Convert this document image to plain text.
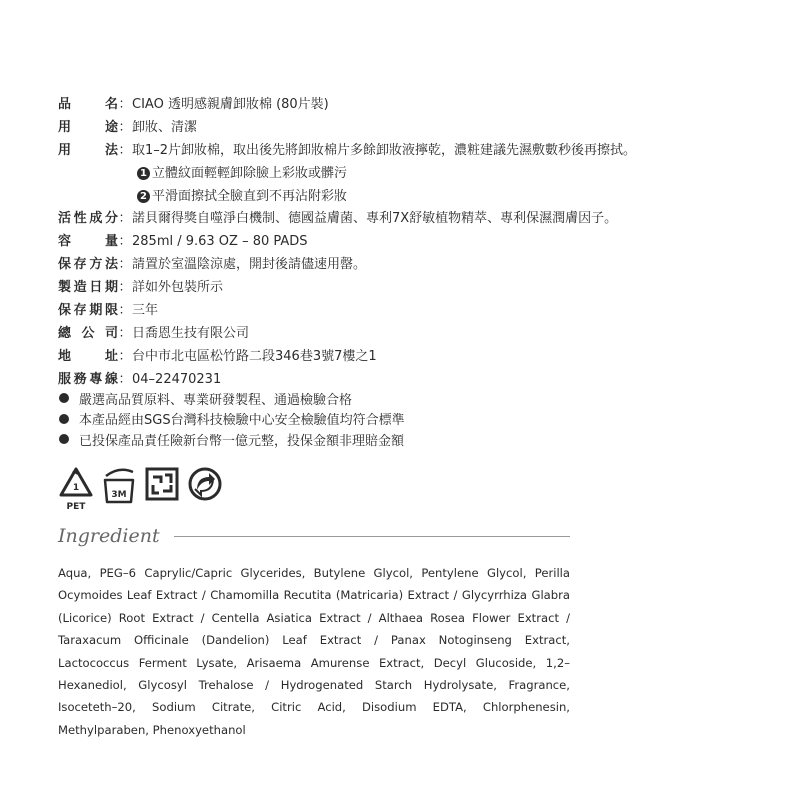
品	名 ： CIAO 透明感親膚卸妝棉 (80片裝)
用	途 ： 卸妝、清潔
用	法 ： 取1–2片卸妝棉，取出後先將卸妝棉片多餘卸妝液擰乾，濃粧建議先濕敷數秒後再擦拭。
1 立體紋面輕輕卸除臉上彩妝或髒污
2 平滑面擦拭全臉直到不再沾附彩妝
活 性 成 分 ： 諾貝爾得獎自噬淨白機制、德國益膚菌、專利7X舒敏植物精萃、專利保濕潤膚因子。
容	量 ： 285ml / 9.63 OZ – 80 PADS
保 存 方 法 ： 請置於室溫陰涼處，開封後請儘速用罄。
製 造 日 期 ： 詳如外包裝所示
保 存 期 限 ： 三年
總 公 司 ： 日喬恩生技有限公司
地	址 ： 台中市北屯區松竹路二段346巷3號7樓之1
服 務 專 線 ： 04–22470231
嚴選高品質原料、專業研發製程、通過檢驗合格
本產品經由SGS台灣科技檢驗中心安全檢驗值均符合標準
已投保產品責任險新台幣一億元整，投保金額非理賠金額
1
PET
3M
Ingredient
Aqua, PEG–6 Caprylic/Capric Glycerides, Butylene Glycol, Pentylene Glycol, Perilla Ocymoides Leaf Extract / Chamomilla Recutita (Matricaria) Extract / Glycyrrhiza Glabra (Licorice) Root Extract / Centella Asiatica Extract / Althaea Rosea Flower Extract / Taraxacum Officinale (Dandelion) Leaf Extract / Panax Notoginseng Extract, Lactococcus Ferment Lysate, Arisaema Amurense Extract, Decyl Glucoside, 1,2–Hexanediol, Glycosyl Trehalose / Hydrogenated Starch Hydrolysate, Fragrance, Isoceteth–20, Sodium Citrate, Citric Acid, Disodium EDTA, Chlorphenesin, Methylparaben, Phenoxyethanol
